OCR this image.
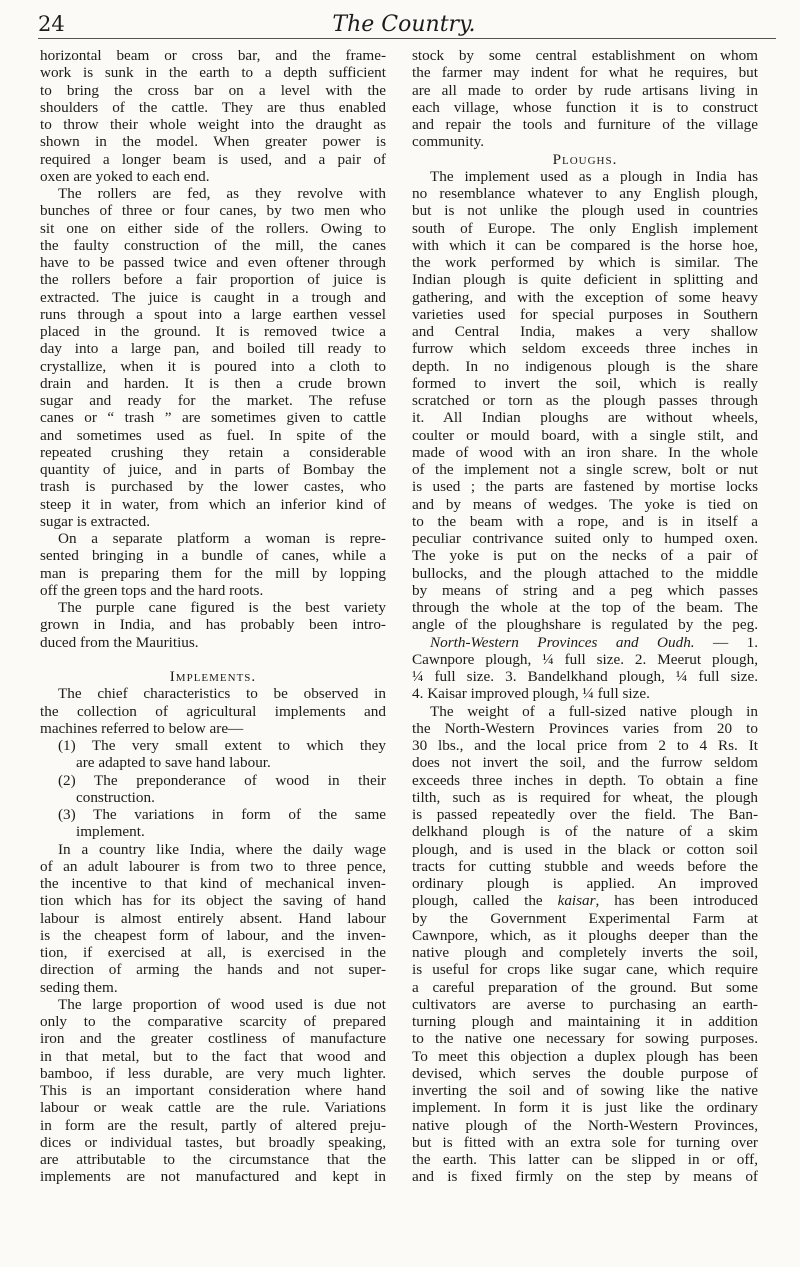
24	The Country.
horizontal beam or cross bar, and the frame-
work is sunk in the earth to a depth sufficient
to bring the cross bar on a level with the
shoulders of the cattle. They are thus enabled
to throw their whole weight into the draught as
shown in the model. When greater power is
required a longer beam is used, and a pair of
oxen are yoked to each end.
The rollers are fed, as they revolve with
bunches of three or four canes, by two men who
sit one on either side of the rollers. Owing to
the faulty construction of the mill, the canes
have to be passed twice and even oftener through
the rollers before a fair proportion of juice is
extracted. The juice is caught in a trough and
runs through a spout into a large earthen vessel
placed in the ground. It is removed twice a
day into a large pan, and boiled till ready to
crystallize, when it is poured into a cloth to
drain and harden. It is then a crude brown
sugar and ready for the market. The refuse
canes or “ trash ” are sometimes given to cattle
and sometimes used as fuel. In spite of the
repeated crushing they retain a considerable
quantity of juice, and in parts of Bombay the
trash is purchased by the lower castes, who
steep it in water, from which an inferior kind of
sugar is extracted.
On a separate platform a woman is repre-
sented bringing in a bundle of canes, while a
man is preparing them for the mill by lopping
off the green tops and the hard roots.
The purple cane figured is the best variety
grown in India, and has probably been intro-
duced from the Mauritius.

Implements.
The chief characteristics to be observed in
the collection of agricultural implements and
machines referred to below are—
(1) The very small extent to which they
are adapted to save hand labour.
(2) The preponderance of wood in their
construction.
(3) The variations in form of the same
implement.
In a country like India, where the daily wage
of an adult labourer is from two to three pence,
the incentive to that kind of mechanical inven-
tion which has for its object the saving of hand
labour is almost entirely absent. Hand labour
is the cheapest form of labour, and the inven-
tion, if exercised at all, is exercised in the
direction of arming the hands and not super-
seding them.
The large proportion of wood used is due not
only to the comparative scarcity of prepared
iron and the greater costliness of manufacture
in that metal, but to the fact that wood and
bamboo, if less durable, are very much lighter.
This is an important consideration where hand
labour or weak cattle are the rule. Variations
in form are the result, partly of altered preju-
dices or individual tastes, but broadly speaking,
are attributable to the circumstance that the
implements are not manufactured and kept in
stock by some central establishment on whom
the farmer may indent for what he requires, but
are all made to order by rude artisans living in
each village, whose function it is to construct
and repair the tools and furniture of the village
community.
Ploughs.
The implement used as a plough in India has
no resemblance whatever to any English plough,
but is not unlike the plough used in countries
south of Europe. The only English implement
with which it can be compared is the horse hoe,
the work performed by which is similar. The
Indian plough is quite deficient in splitting and
gathering, and with the exception of some heavy
varieties used for special purposes in Southern
and Central India, makes a very shallow
furrow which seldom exceeds three inches in
depth. In no indigenous plough is the share
formed to invert the soil, which is really
scratched or torn as the plough passes through
it. All Indian ploughs are without wheels,
coulter or mould board, with a single stilt, and
made of wood with an iron share. In the whole
of the implement not a single screw, bolt or nut
is used ; the parts are fastened by mortise locks
and by means of wedges. The yoke is tied on
to the beam with a rope, and is in itself a
peculiar contrivance suited only to humped oxen.
The yoke is put on the necks of a pair of
bullocks, and the plough attached to the middle
by means of string and a peg which passes
through the whole at the top of the beam. The
angle of the ploughshare is regulated by the peg.
North-Western Provinces and Oudh. — 1.
Cawnpore plough, ¼ full size. 2. Meerut plough,
¼ full size. 3. Bandelkhand plough, ¼ full size.
4. Kaisar improved plough, ¼ full size.
The weight of a full-sized native plough in
the North-Western Provinces varies from 20 to
30 lbs., and the local price from 2 to 4 Rs. It
does not invert the soil, and the furrow seldom
exceeds three inches in depth. To obtain a fine
tilth, such as is required for wheat, the plough
is passed repeatedly over the field. The Ban-
delkhand plough is of the nature of a skim
plough, and is used in the black or cotton soil
tracts for cutting stubble and weeds before the
ordinary plough is applied. An improved
plough, called the kaisar, has been introduced
by the Government Experimental Farm at
Cawnpore, which, as it ploughs deeper than the
native plough and completely inverts the soil,
is useful for crops like sugar cane, which require
a careful preparation of the ground. But some
cultivators are averse to purchasing an earth-
turning plough and maintaining it in addition
to the native one necessary for sowing purposes.
To meet this objection a duplex plough has been
devised, which serves the double purpose of
inverting the soil and of sowing like the native
implement. In form it is just like the ordinary
native plough of the North-Western Provinces,
but is fitted with an extra sole for turning over
the earth. This latter can be slipped in or off,
and is fixed firmly on the step by means of
